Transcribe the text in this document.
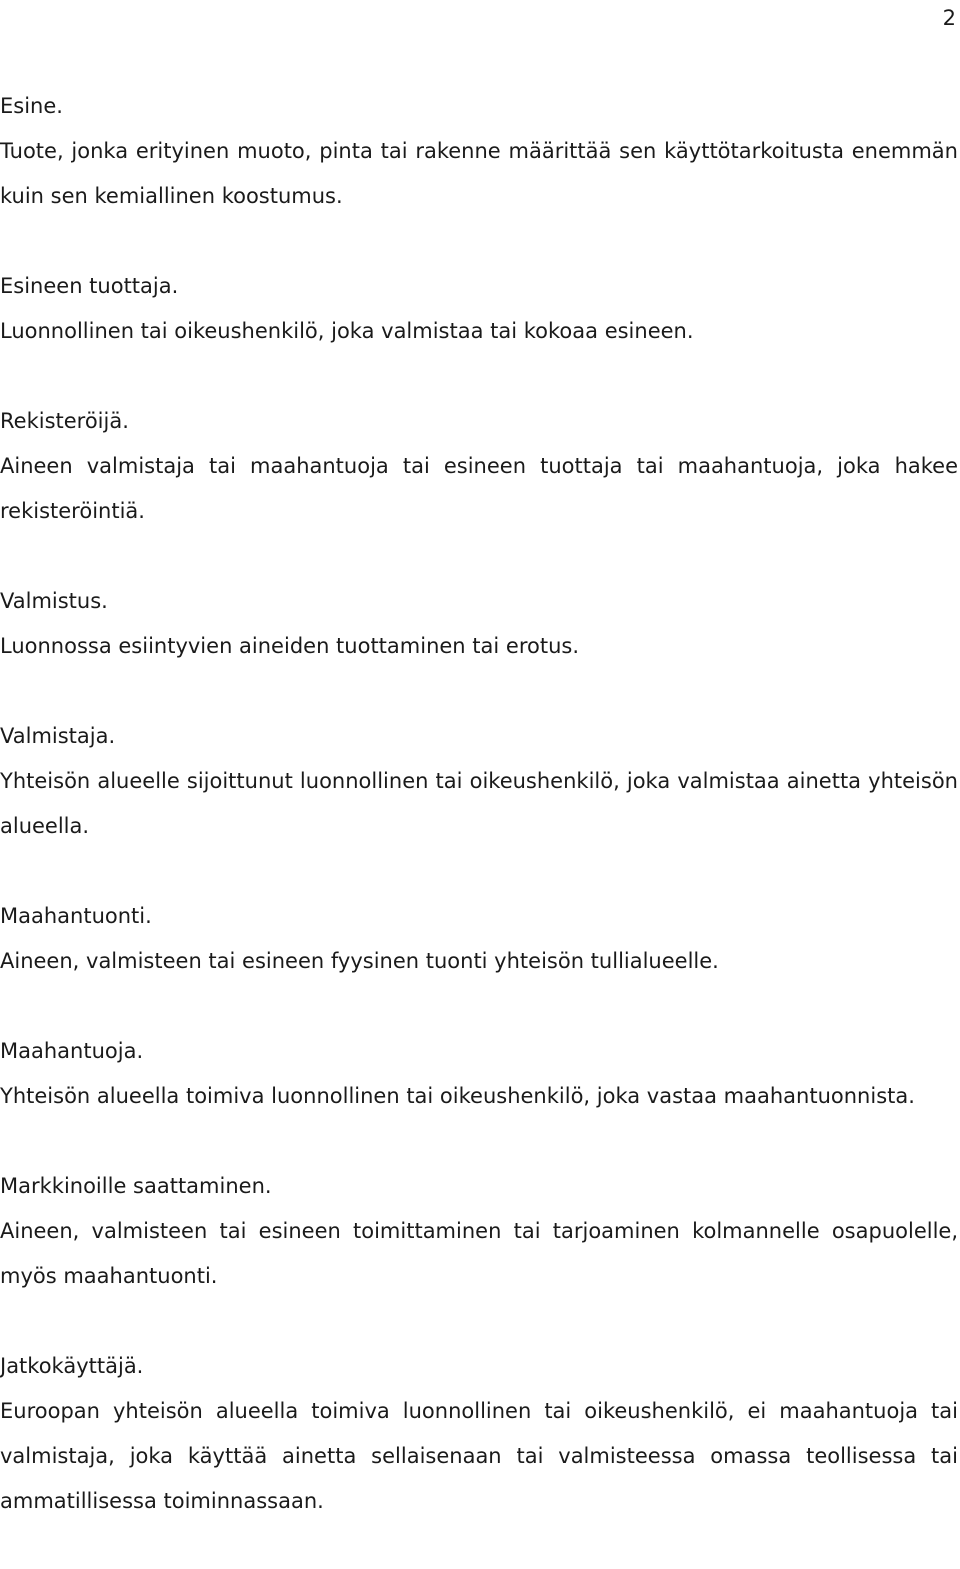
2

Esine.

Tuote, jonka erityinen muoto, pinta tai rakenne määrittää sen käyttötarkoitusta enemmän kuin sen kemiallinen koostumus.

Esineen tuottaja.

Luonnollinen tai oikeushenkilö, joka valmistaa tai kokoaa esineen.

Rekisteröijä.

Aineen valmistaja tai maahantuoja tai esineen tuottaja tai maahantuoja, joka hakee rekisteröintiä.

Valmistus.

Luonnossa esiintyvien aineiden tuottaminen tai erotus.

Valmistaja.

Yhteisön alueelle sijoittunut luonnollinen tai oikeushenkilö, joka valmistaa ainetta yhteisön alueella.

Maahantuonti.

Aineen, valmisteen tai esineen fyysinen tuonti yhteisön tullialueelle.

Maahantuoja.

Yhteisön alueella toimiva luonnollinen tai oikeushenkilö, joka vastaa maahantuonnista.

Markkinoille saattaminen.

Aineen, valmisteen tai esineen toimittaminen tai tarjoaminen kolmannelle osapuolelle, myös maahantuonti.

Jatkokäyttäjä.

Euroopan yhteisön alueella toimiva luonnollinen tai oikeushenkilö, ei maahantuoja tai valmistaja, joka käyttää ainetta sellaisenaan tai valmisteessa omassa teollisessa tai ammatillisessa toiminnassaan.
